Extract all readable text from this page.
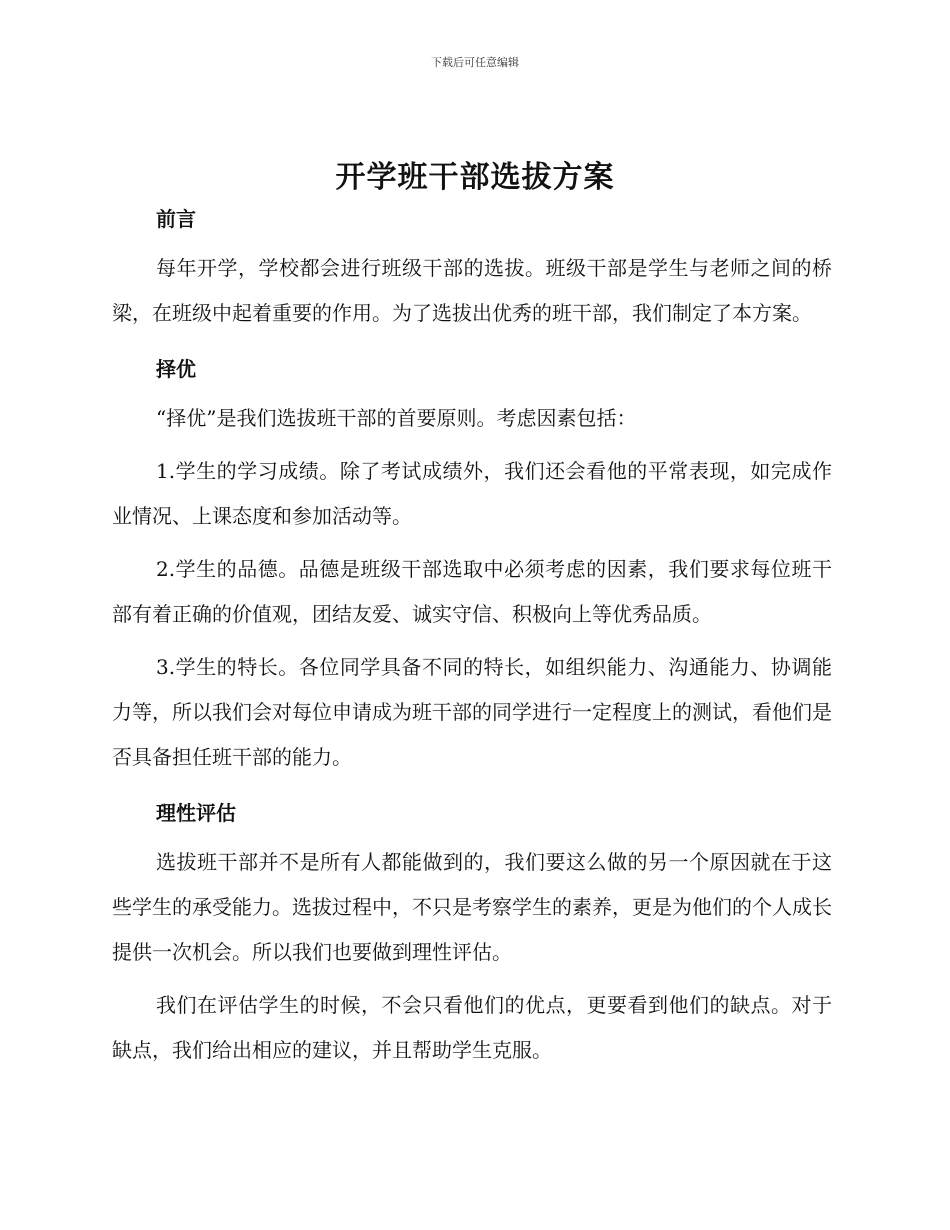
下载后可任意编辑
开学班干部选拔方案
前言

每年开学，学校都会进行班级干部的选拔。班级干部是学生与老师之间的桥梁，在班级中起着重要的作用。为了选拔出优秀的班干部，我们制定了本方案。

择优

“择优”是我们选拔班干部的首要原则。考虑因素包括：

1.学生的学习成绩。除了考试成绩外，我们还会看他的平常表现，如完成作业情况、上课态度和参加活动等。

2.学生的品德。品德是班级干部选取中必须考虑的因素，我们要求每位班干部有着正确的价值观，团结友爱、诚实守信、积极向上等优秀品质。

3.学生的特长。各位同学具备不同的特长，如组织能力、沟通能力、协调能力等，所以我们会对每位申请成为班干部的同学进行一定程度上的测试，看他们是否具备担任班干部的能力。

理性评估

选拔班干部并不是所有人都能做到的，我们要这么做的另一个原因就在于这些学生的承受能力。选拔过程中，不只是考察学生的素养，更是为他们的个人成长提供一次机会。所以我们也要做到理性评估。

我们在评估学生的时候，不会只看他们的优点，更要看到他们的缺点。对于缺点，我们给出相应的建议，并且帮助学生克服。
